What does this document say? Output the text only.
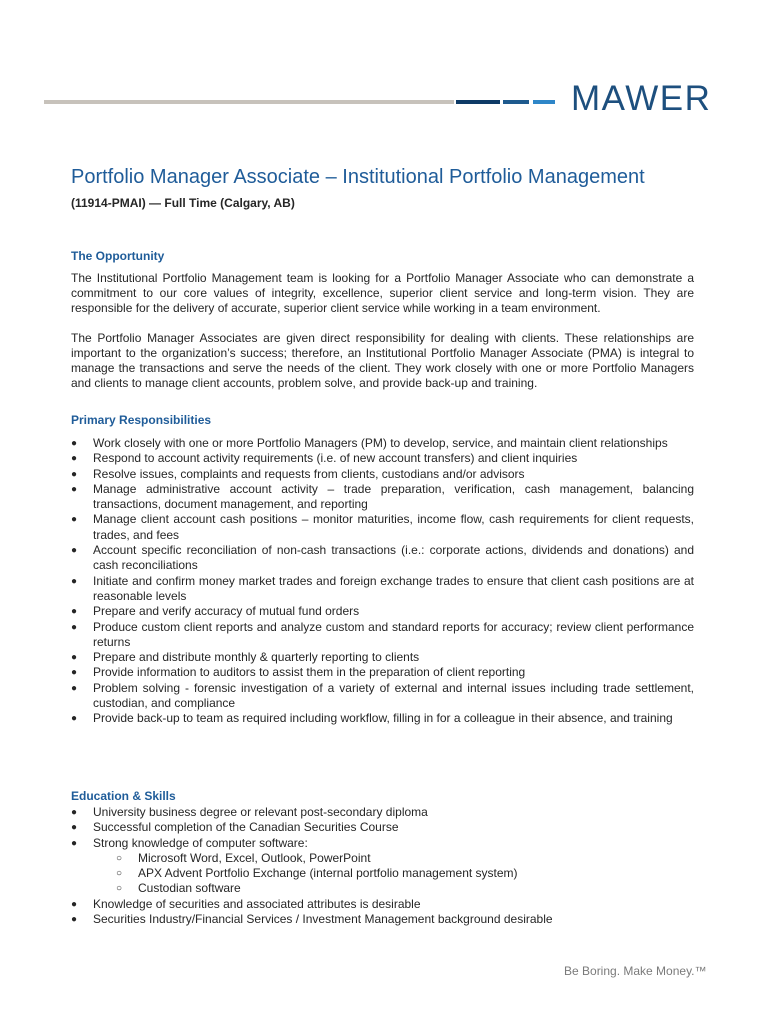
MAWER
Portfolio Manager Associate – Institutional Portfolio Management

(11914-PMAI) — Full Time (Calgary, AB)

The Opportunity

The Institutional Portfolio Management team is looking for a Portfolio Manager Associate who can demonstrate a commitment to our core values of integrity, excellence, superior client service and long-term vision. They are responsible for the delivery of accurate, superior client service while working in a team environment.

The Portfolio Manager Associates are given direct responsibility for dealing with clients. These relationships are important to the organization’s success; therefore, an Institutional Portfolio Manager Associate (PMA) is integral to manage the transactions and serve the needs of the client. They work closely with one or more Portfolio Managers and clients to manage client accounts, problem solve, and provide back-up and training.

Primary Responsibilities
●	Work closely with one or more Portfolio Managers (PM) to develop, service, and maintain client relationships
●	Respond to account activity requirements (i.e. of new account transfers) and client inquiries
●	Resolve issues, complaints and requests from clients, custodians and/or advisors
●	Manage administrative account activity – trade preparation, verification, cash management, balancing transactions, document management, and reporting
●	Manage client account cash positions – monitor maturities, income flow, cash requirements for client requests, trades, and fees
●	Account specific reconciliation of non-cash transactions (i.e.: corporate actions, dividends and donations) and cash reconciliations
●	Initiate and confirm money market trades and foreign exchange trades to ensure that client cash positions are at reasonable levels
●	Prepare and verify accuracy of mutual fund orders
●	Produce custom client reports and analyze custom and standard reports for accuracy; review client performance returns
●	Prepare and distribute monthly & quarterly reporting to clients
●	Provide information to auditors to assist them in the preparation of client reporting
●	Problem solving - forensic investigation of a variety of external and internal issues including trade settlement, custodian, and compliance
●	Provide back-up to team as required including workflow, filling in for a colleague in their absence, and training
Education & Skills
●	University business degree or relevant post-secondary diploma
●	Successful completion of the Canadian Securities Course
●	Strong knowledge of computer software:
○ Microsoft Word, Excel, Outlook, PowerPoint
○ APX Advent Portfolio Exchange (internal portfolio management system)
○ Custodian software
●	Knowledge of securities and associated attributes is desirable
●	Securities Industry/Financial Services / Investment Management background desirable

Be Boring. Make Money.™
